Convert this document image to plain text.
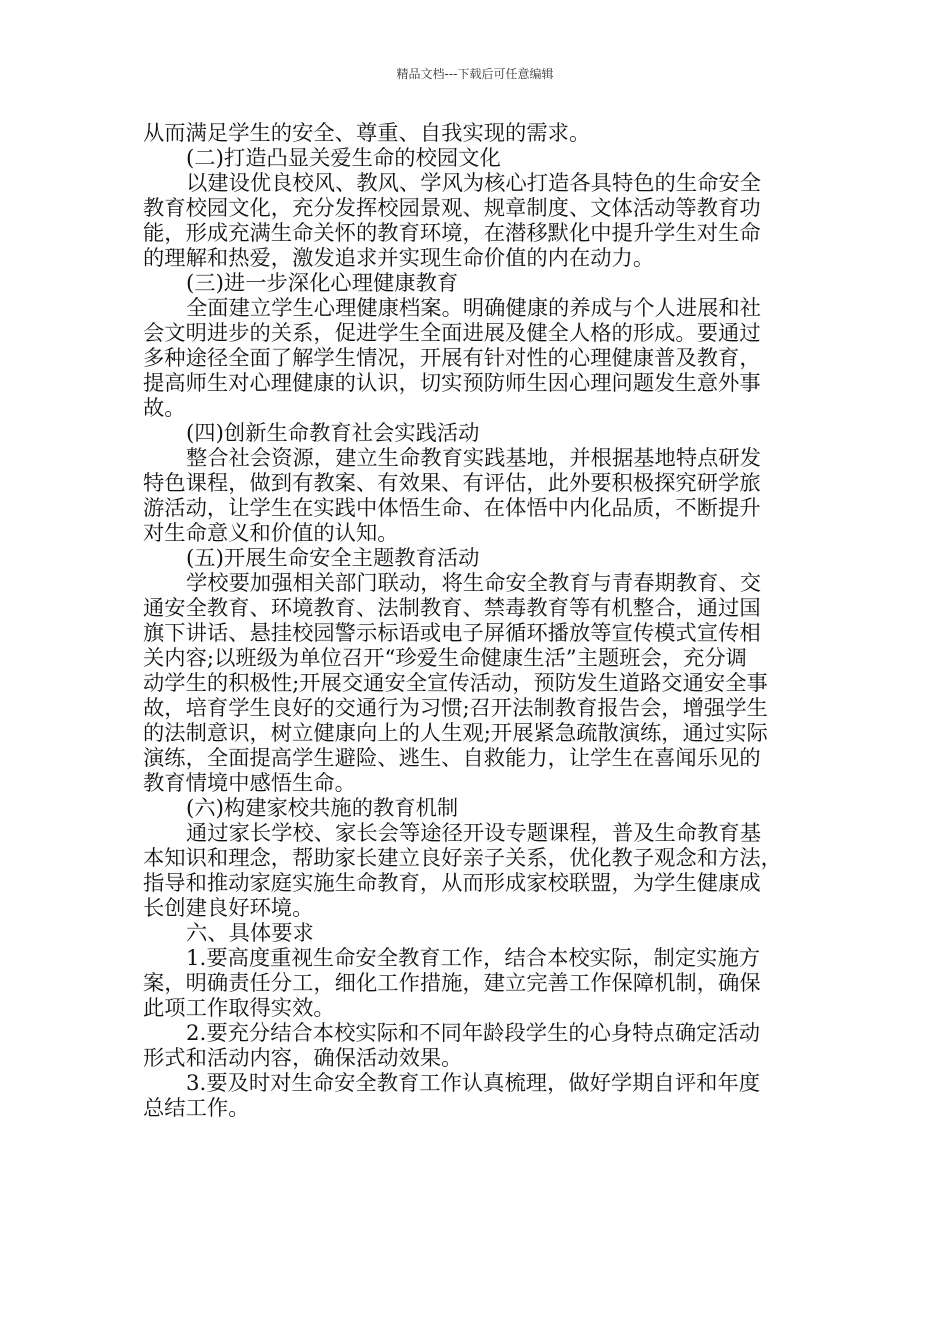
精品文档---下载后可任意编辑
从而满足学生的安全、尊重、自我实现的需求。
(二)打造凸显关爱生命的校园文化
以建设优良校风、教风、学风为核心打造各具特色的生命安全
教育校园文化，充分发挥校园景观、规章制度、文体活动等教育功
能，形成充满生命关怀的教育环境，在潜移默化中提升学生对生命
的理解和热爱，激发追求并实现生命价值的内在动力。
(三)进一步深化心理健康教育
全面建立学生心理健康档案。明确健康的养成与个人进展和社
会文明进步的关系，促进学生全面进展及健全人格的形成。要通过
多种途径全面了解学生情况，开展有针对性的心理健康普及教育，
提高师生对心理健康的认识，切实预防师生因心理问题发生意外事
故。
(四)创新生命教育社会实践活动
整合社会资源，建立生命教育实践基地，并根据基地特点研发
特色课程，做到有教案、有效果、有评估，此外要积极探究研学旅
游活动，让学生在实践中体悟生命、在体悟中内化品质，不断提升
对生命意义和价值的认知。
(五)开展生命安全主题教育活动
学校要加强相关部门联动，将生命安全教育与青春期教育、交
通安全教育、环境教育、法制教育、禁毒教育等有机整合，通过国
旗下讲话、悬挂校园警示标语或电子屏循环播放等宣传模式宣传相
关内容;以班级为单位召开“珍爱生命健康生活”主题班会，充分调
动学生的积极性;开展交通安全宣传活动，预防发生道路交通安全事
故，培育学生良好的交通行为习惯;召开法制教育报告会，增强学生
的法制意识，树立健康向上的人生观;开展紧急疏散演练，通过实际
演练，全面提高学生避险、逃生、自救能力，让学生在喜闻乐见的
教育情境中感悟生命。
(六)构建家校共施的教育机制
通过家长学校、家长会等途径开设专题课程，普及生命教育基
本知识和理念，帮助家长建立良好亲子关系，优化教子观念和方法，
指导和推动家庭实施生命教育，从而形成家校联盟，为学生健康成
长创建良好环境。
六、具体要求
1.要高度重视生命安全教育工作，结合本校实际，制定实施方
案，明确责任分工，细化工作措施，建立完善工作保障机制，确保
此项工作取得实效。
2.要充分结合本校实际和不同年龄段学生的心身特点确定活动
形式和活动内容，确保活动效果。
3.要及时对生命安全教育工作认真梳理，做好学期自评和年度
总结工作。
